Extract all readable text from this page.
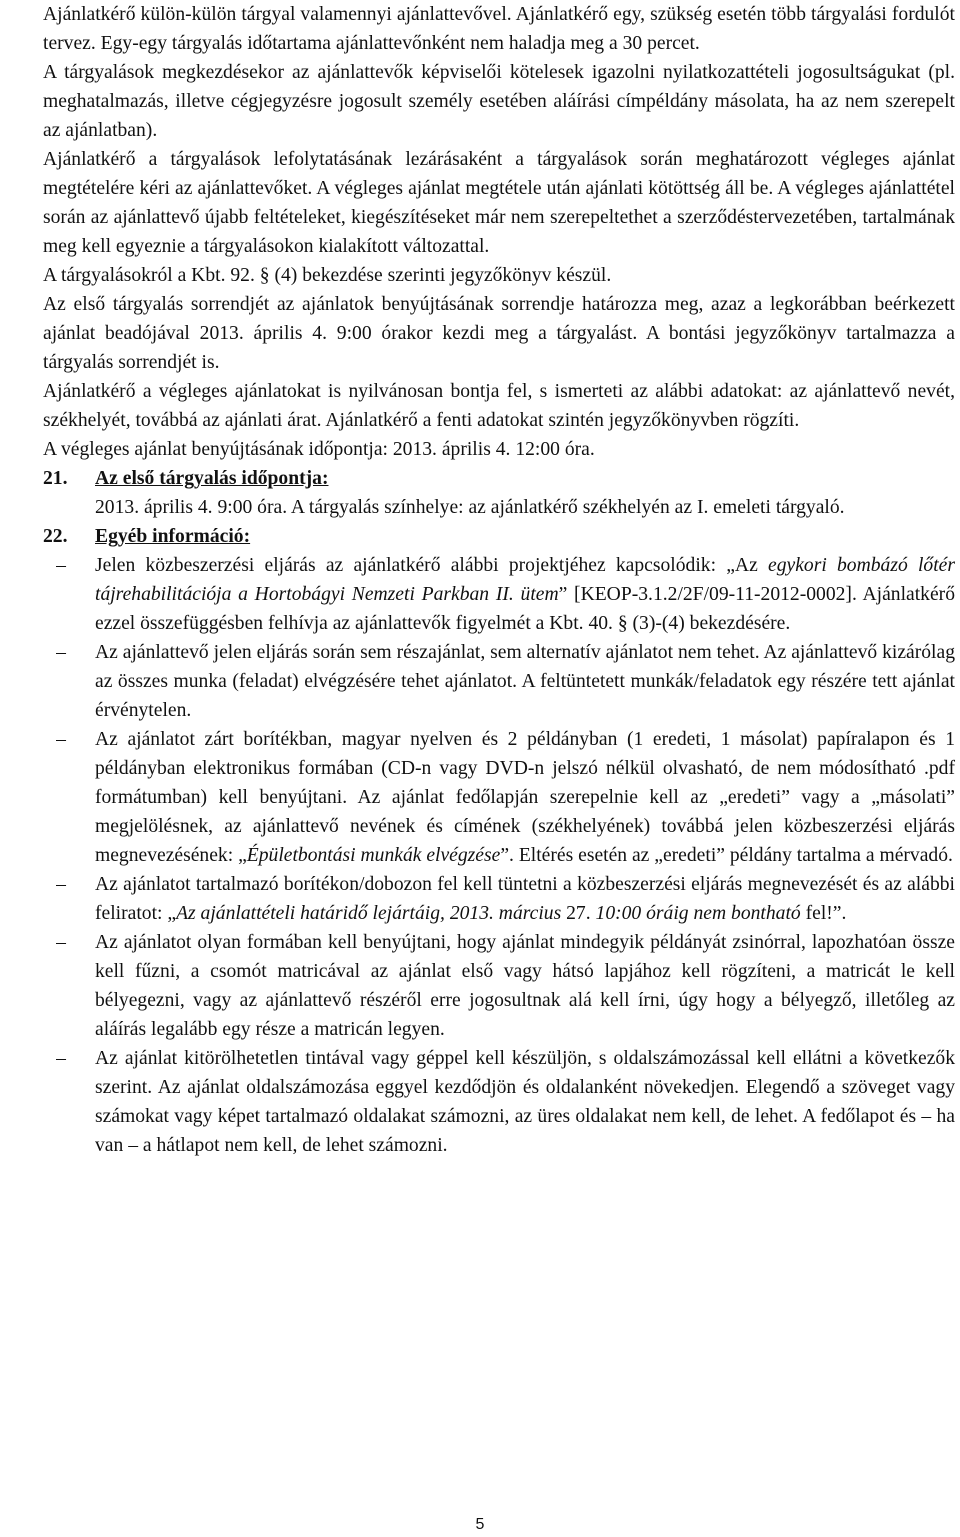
Ajánlatkérő külön-külön tárgyal valamennyi ajánlattevővel. Ajánlatkérő egy, szükség esetén több tárgyalási fordulót tervez. Egy-egy tárgyalás időtartama ajánlattevőnként nem haladja meg a 30 percet.

A tárgyalások megkezdésekor az ajánlattevők képviselői kötelesek igazolni nyilatkozattételi jogosultságukat (pl. meghatalmazás, illetve cégjegyzésre jogosult személy esetében aláírási címpéldány másolata, ha az nem szerepelt az ajánlatban).

Ajánlatkérő a tárgyalások lefolytatásának lezárásaként a tárgyalások során meghatározott végleges ajánlat megtételére kéri az ajánlattevőket. A végleges ajánlat megtétele után ajánlati kötöttség áll be. A végleges ajánlattétel során az ajánlattevő újabb feltételeket, kiegészítéseket már nem szerepeltethet a szerződéstervezetében, tartalmának meg kell egyeznie a tárgyalásokon kialakított változattal.

A tárgyalásokról a Kbt. 92. § (4) bekezdése szerinti jegyzőkönyv készül.

Az első tárgyalás sorrendjét az ajánlatok benyújtásának sorrendje határozza meg, azaz a legkorábban beérkezett ajánlat beadójával 2013. április 4. 9:00 órakor kezdi meg a tárgyalást. A bontási jegyzőkönyv tartalmazza a tárgyalás sorrendjét is.

Ajánlatkérő a végleges ajánlatokat is nyilvánosan bontja fel, s ismerteti az alábbi adatokat: az ajánlattevő nevét, székhelyét, továbbá az ajánlati árat. Ajánlatkérő a fenti adatokat szintén jegyzőkönyvben rögzíti.

A végleges ajánlat benyújtásának időpontja: 2013. április 4. 12:00 óra.

21. Az első tárgyalás időpontja:

2013. április 4. 9:00 óra. A tárgyalás színhelye: az ajánlatkérő székhelyén az I. emeleti tárgyaló.

22. Egyéb információ:

–	Jelen közbeszerzési eljárás az ajánlatkérő alábbi projektjéhez kapcsolódik: „Az egykori bombázó lőtér tájrehabilitációja a Hortobágyi Nemzeti Parkban II. ütem” [KEOP-3.1.2/2F/09-11-2012-0002]. Ajánlatkérő ezzel összefüggésben felhívja az ajánlattevők figyelmét a Kbt. 40. § (3)-(4) bekezdésére.
–	Az ajánlattevő jelen eljárás során sem részajánlat, sem alternatív ajánlatot nem tehet. Az ajánlattevő kizárólag az összes munka (feladat) elvégzésére tehet ajánlatot. A feltüntetett munkák/feladatok egy részére tett ajánlat érvénytelen.
–	Az ajánlatot zárt borítékban, magyar nyelven és 2 példányban (1 eredeti, 1 másolat) papíralapon és 1 példányban elektronikus formában (CD-n vagy DVD-n jelszó nélkül olvasható, de nem módosítható .pdf formátumban) kell benyújtani. Az ajánlat fedőlapján szerepelnie kell az „eredeti” vagy a „másolati” megjelölésnek, az ajánlattevő nevének és címének (székhelyének) továbbá jelen közbeszerzési eljárás megnevezésének: „Épületbontási munkák elvégzése”. Eltérés esetén az „eredeti” példány tartalma a mérvadó.
–	Az ajánlatot tartalmazó borítékon/dobozon fel kell tüntetni a közbeszerzési eljárás megnevezését és az alábbi feliratot: „Az ajánlattételi határidő lejártáig, 2013. március 27. 10:00 óráig nem bontható fel!”.
–	Az ajánlatot olyan formában kell benyújtani, hogy ajánlat mindegyik példányát zsinórral, lapozhatóan össze kell fűzni, a csomót matricával az ajánlat első vagy hátsó lapjához kell rögzíteni, a matricát le kell bélyegezni, vagy az ajánlattevő részéről erre jogosultnak alá kell írni, úgy hogy a bélyegző, illetőleg az aláírás legalább egy része a matricán legyen.
–	Az ajánlat kitörölhetetlen tintával vagy géppel kell készüljön, s oldalszámozással kell ellátni a következők szerint. Az ajánlat oldalszámozása eggyel kezdődjön és oldalanként növekedjen. Elegendő a szöveget vagy számokat vagy képet tartalmazó oldalakat számozni, az üres oldalakat nem kell, de lehet. A fedőlapot és – ha van – a hátlapot nem kell, de lehet számozni.
5
